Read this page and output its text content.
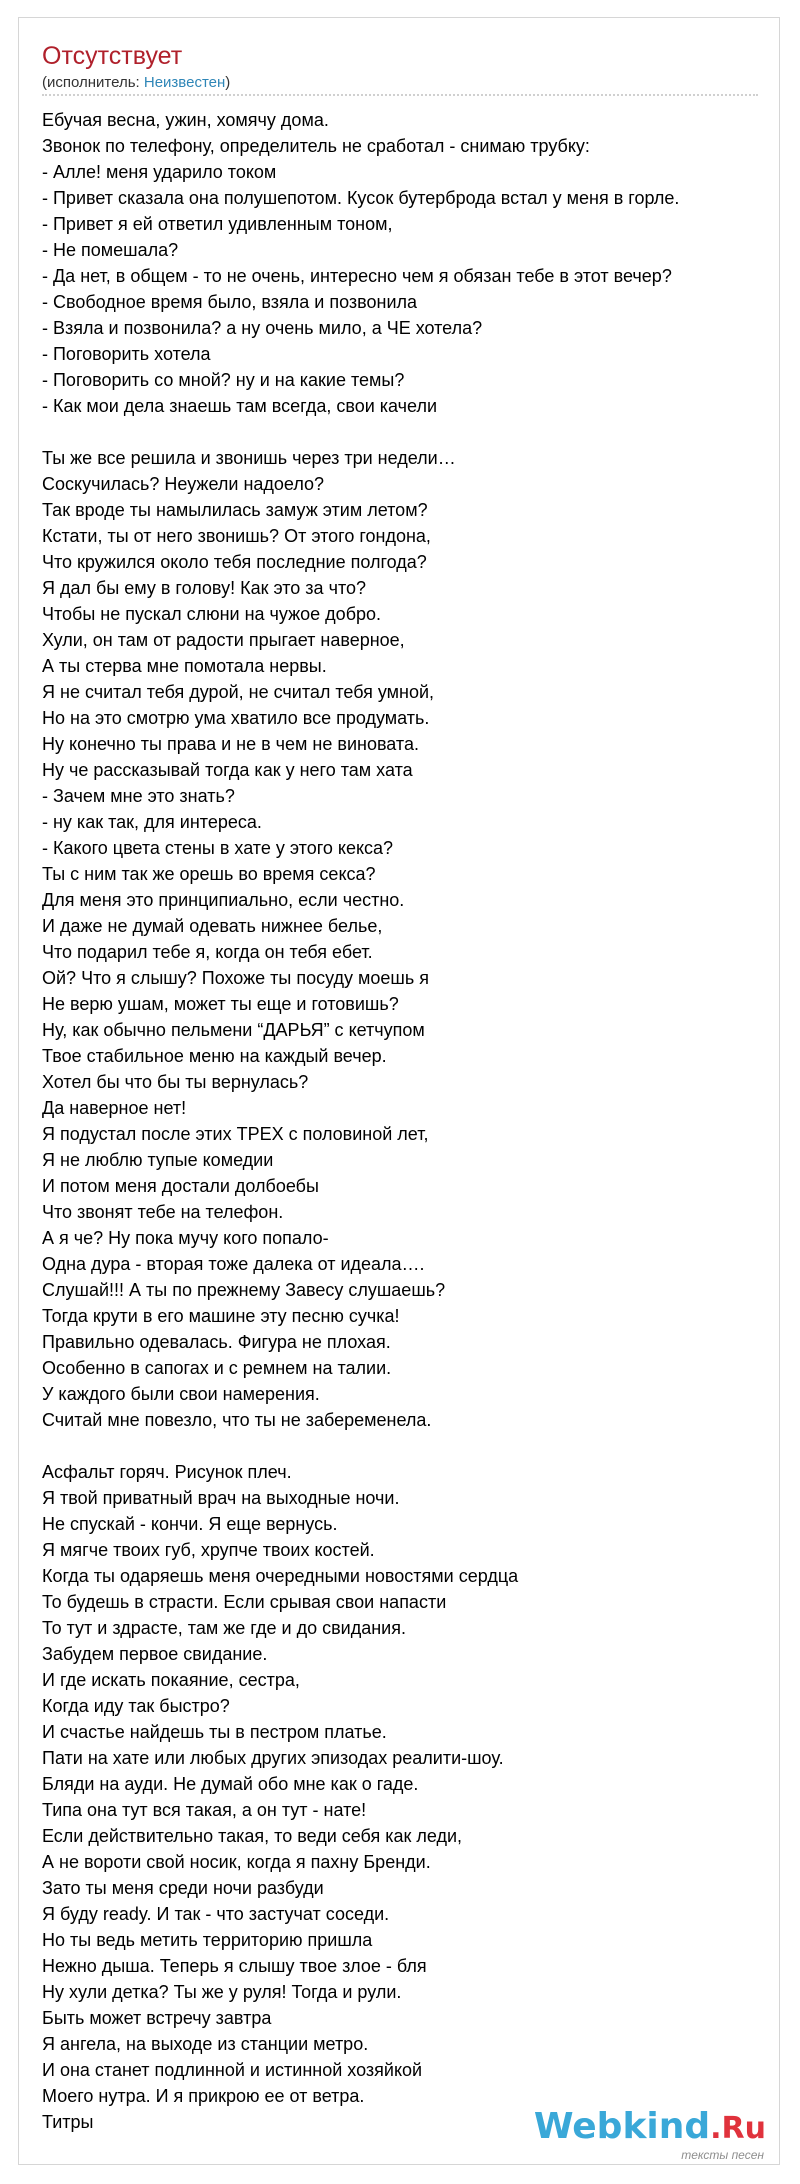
Отсутствует
(исполнитель: Неизвестен)

Ебучая весна, ужин, хомячу дома.

Звонок по телефону, определитель не сработал - снимаю трубку:

- Алле! меня ударило током

- Привет сказала она полушепотом. Кусок бутерброда встал у меня в горле.

- Привет я ей ответил удивленным тоном,

- Не помешала?

- Да нет, в общем - то не очень, интересно чем я обязан тебе в этот вечер?

- Свободное время было, взяла и позвонила

- Взяла и позвонила? а ну очень мило, а ЧЕ хотела?

- Поговорить хотела

- Поговорить со мной? ну и на какие темы?

- Как мои дела знаешь там всегда, свои качели

Ты же все решила и звонишь через три недели…

Соскучилась? Неужели надоело?

Так вроде ты намылилась замуж этим летом?

Кстати, ты от него звонишь? От этого гондона,

Что кружился около тебя последние полгода?

Я дал бы ему в голову! Как это за что?

Чтобы не пускал слюни на чужое добро.

Хули, он там от радости прыгает наверное,

А ты стерва мне помотала нервы.

Я не считал тебя дурой, не считал тебя умной,

Но на это смотрю ума хватило все продумать.

Ну конечно ты права и не в чем не виновата.

Ну че рассказывай тогда как у него там хата

- Зачем мне это знать?

- ну как так, для интереса.

- Какого цвета стены в хате у этого кекса?

Ты с ним так же орешь во время секса?

Для меня это принципиально, если честно.

И даже не думай одевать нижнее белье,

Что подарил тебе я, когда он тебя ебет.

Ой? Что я слышу? Похоже ты посуду моешь я

Не верю ушам, может ты еще и готовишь?

Ну, как обычно пельмени “ДАРЬЯ” с кетчупом

Твое стабильное меню на каждый вечер.

Хотел бы что бы ты вернулась?

Да наверное нет!

Я подустал после этих ТРЕХ с половиной лет,

Я не люблю тупые комедии

И потом меня достали долбоебы

Что звонят тебе на телефон.

А я че? Ну пока мучу кого попало-

Одна дура - вторая тоже далека от идеала….

Слушай!!! А ты по прежнему Завесу слушаешь?

Тогда крути в его машине эту песню сучка!

Правильно одевалась. Фигура не плохая.

Особенно в сапогах и с ремнем на талии.

У каждого были свои намерения.

Считай мне повезло, что ты не забеременела.

Асфальт горяч. Рисунок плеч.

Я твой приватный врач на выходные ночи.

Не спускай - кончи. Я еще вернусь.

Я мягче твоих губ, хрупче твоих костей.

Когда ты одаряешь меня очередными новостями сердца

То будешь в страсти. Если срывая свои напасти

То тут и здрасте, там же где и до свидания.

Забудем первое свидание.

И где искать покаяние, сестра,

Когда иду так быстро?

И счастье найдешь ты в пестром платье.

Пати на хате или любых других эпизодах реалити-шоу.

Бляди на ауди. Не думай обо мне как о гаде.

Типа она тут вся такая, а он тут - нате!

Если действительно такая, то веди себя как леди,

А не вороти свой носик, когда я пахну Бренди.

Зато ты меня среди ночи разбуди

Я буду ready. И так - что застучат соседи.

Но ты ведь метить территорию пришла

Нежно дыша. Теперь я слышу твое злое - бля

Ну хули детка? Ты же у руля! Тогда и рули.

Быть может встречу завтра

Я ангела, на выходе из станции метро.

И она станет подлинной и истинной хозяйкой

Моего нутра. И я прикрою ее от ветра.

Титры	Webkind.Ru
тексты песен
